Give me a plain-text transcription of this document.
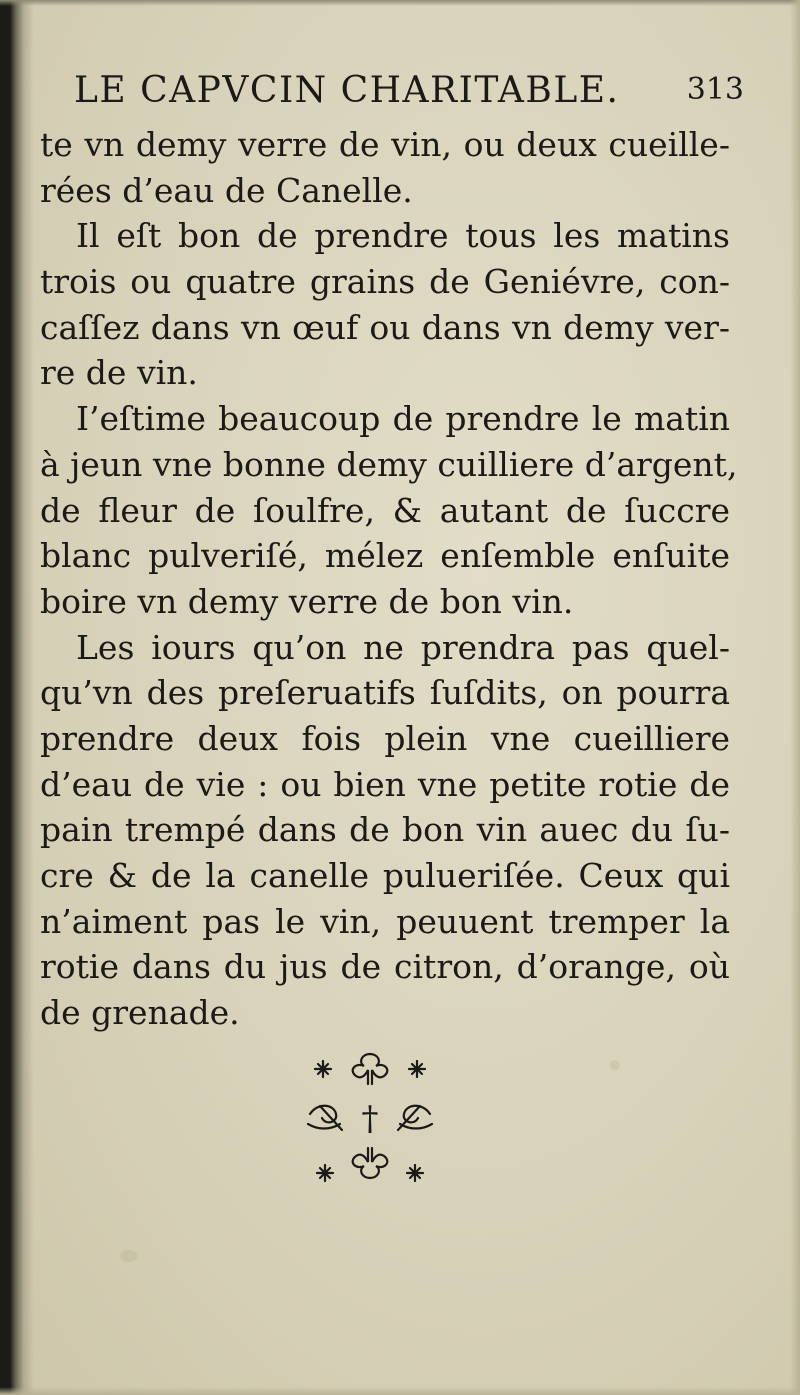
LE CAPVCIN CHARITABLE. 313
te vn demy verre de vin, ou deux cueille-
rées d’eau de Canelle.
Il eſt bon de prendre tous les matins
trois ou quatre grains de Geniévre, con-
caſſez dans vn œuf ou dans vn demy ver-
re de vin.
I’eſtime beaucoup de prendre le matin
à jeun vne bonne demy cuilliere d’argent,
de fleur de ſoulfre, & autant de ſuccre
blanc pulveriſé, mélez enſemble enſuite
boire vn demy verre de bon vin.
Les iours qu’on ne prendra pas quel-
qu’vn des preſeruatifs ſuſdits, on pourra
prendre deux fois plein vne cueilliere
d’eau de vie : ou bien vne petite rotie de
pain trempé dans de bon vin auec du ſu-
cre & de la canelle pulueriſée. Ceux qui
n’aiment pas le vin, peuuent tremper la
rotie dans du jus de citron, d’orange, où
de grenade.
†
